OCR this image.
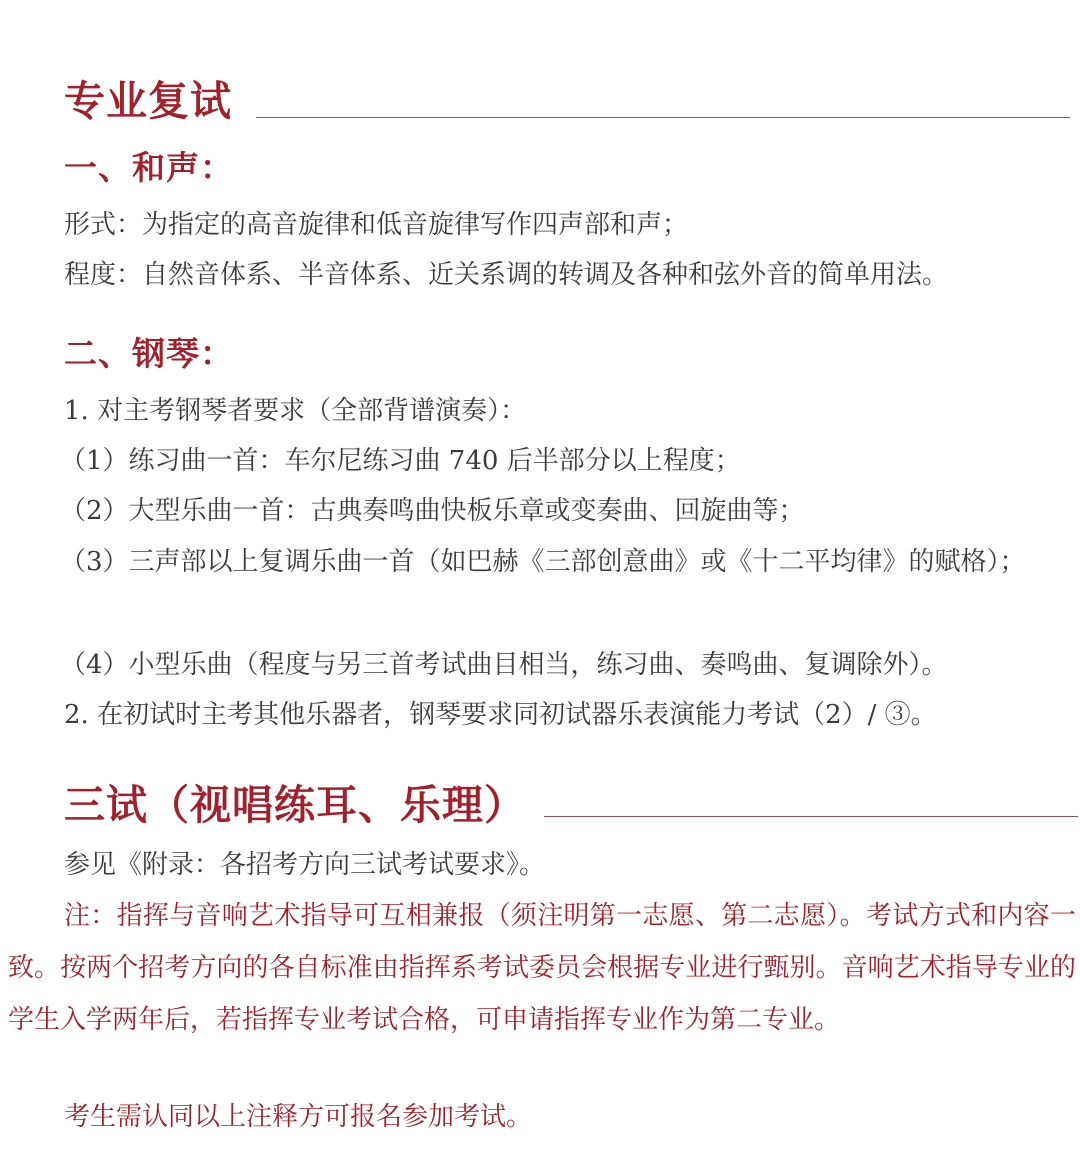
专业复试
一、和声：
形式：为指定的高音旋律和低音旋律写作四声部和声；
程度：自然音体系、半音体系、近关系调的转调及各种和弦外音的简单用法。
二、钢琴：
1. 对主考钢琴者要求（全部背谱演奏）：
（1）练习曲一首：车尔尼练习曲 740 后半部分以上程度；
（2）大型乐曲一首：古典奏鸣曲快板乐章或变奏曲、回旋曲等；
（3）三声部以上复调乐曲一首（如巴赫《三部创意曲》或《十二平均律》的赋格）；
（4）小型乐曲（程度与另三首考试曲目相当，练习曲、奏鸣曲、复调除外）。
2. 在初试时主考其他乐器者，钢琴要求同初试器乐表演能力考试（2）/ ③。
三试（视唱练耳、乐理）
参见《附录：各招考方向三试考试要求》。
注：指挥与音响艺术指导可互相兼报（须注明第一志愿、第二志愿）。考试方式和内容一致。按两个招考方向的各自标准由指挥系考试委员会根据专业进行甄别。音响艺术指导专业的学生入学两年后，若指挥专业考试合格，可申请指挥专业作为第二专业。
考生需认同以上注释方可报名参加考试。
